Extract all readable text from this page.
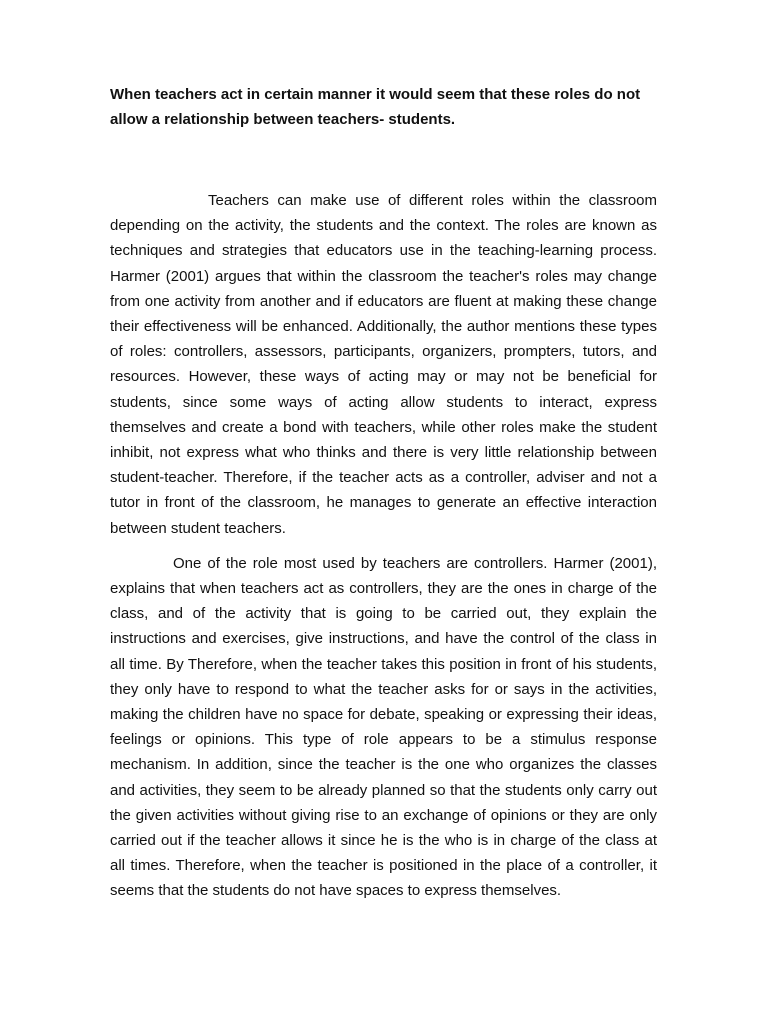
When teachers act in certain manner it would seem that these roles do not allow a relationship between teachers- students.

Teachers can make use of different roles within the classroom depending on the activity, the students and the context. The roles are known as techniques and strategies that educators use in the teaching-learning process. Harmer (2001) argues that within the classroom the teacher's roles may change from one activity from another and if educators are fluent at making these change their effectiveness will be enhanced. Additionally, the author mentions these types of roles: controllers, assessors, participants, organizers, prompters, tutors, and resources. However, these ways of acting may or may not be beneficial for students, since some ways of acting allow students to interact, express themselves and create a bond with teachers, while other roles make the student inhibit, not express what who thinks and there is very little relationship between student-teacher. Therefore, if the teacher acts as a controller, adviser and not a tutor in front of the classroom, he manages to generate an effective interaction between student teachers.

One of the role most used by teachers are controllers. Harmer (2001), explains that when teachers act as controllers, they are the ones in charge of the class, and of the activity that is going to be carried out, they explain the instructions and exercises, give instructions, and have the control of the class in all time. By Therefore, when the teacher takes this position in front of his students, they only have to respond to what the teacher asks for or says in the activities, making the children have no space for debate, speaking or expressing their ideas, feelings or opinions. This type of role appears to be a stimulus response mechanism. In addition, since the teacher is the one who organizes the classes and activities, they seem to be already planned so that the students only carry out the given activities without giving rise to an exchange of opinions or they are only carried out if the teacher allows it since he is the who is in charge of the class at all times. Therefore, when the teacher is positioned in the place of a controller, it seems that the students do not have spaces to express themselves.
